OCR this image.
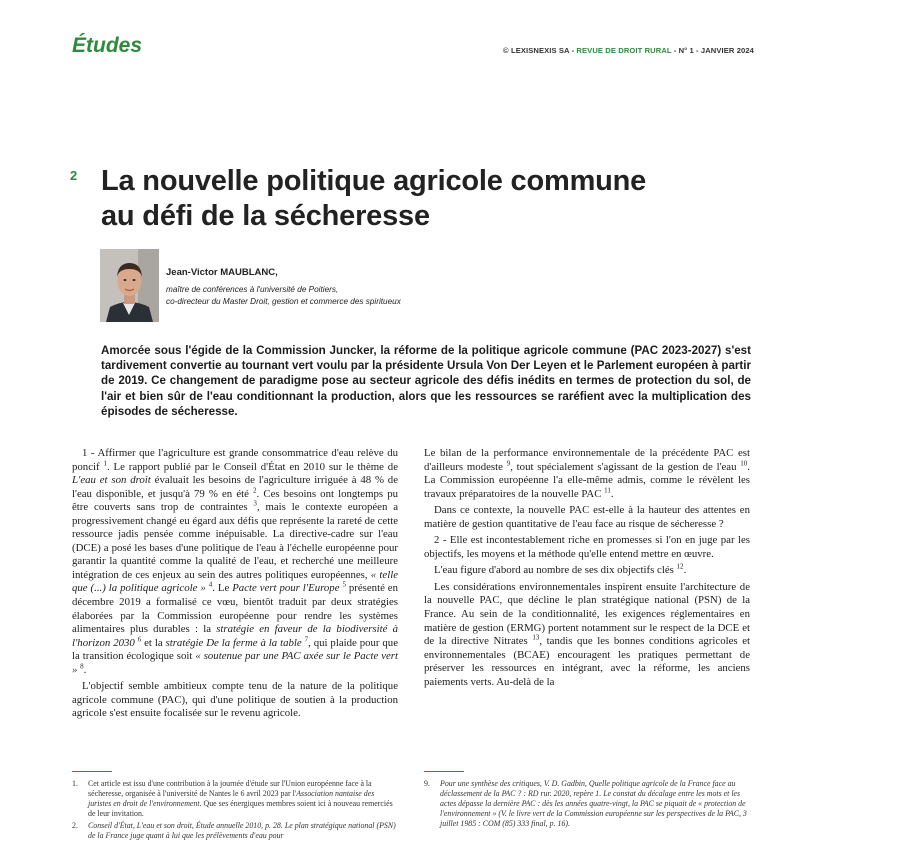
Études	© LEXISNEXIS SA - REVUE DE DROIT RURAL - N° 1 - JANVIER 2024
2 La nouvelle politique agricole commune
au défi de la sécheresse
Jean-Victor MAUBLANC,
maître de conférences à l'université de Poitiers,
co-directeur du Master Droit, gestion et commerce des spiritueux

Amorcée sous l'égide de la Commission Juncker, la réforme de la politique agricole commune (PAC 2023-2027) s'est tardivement convertie au tournant vert voulu par la présidente Ursula Von Der Leyen et le Parlement européen à partir de 2019. Ce changement de paradigme pose au secteur agricole des défis inédits en termes de protection du sol, de l'air et bien sûr de l'eau conditionnant la production, alors que les ressources se raréfient avec la multiplication des épisodes de sécheresse.

1 - Affirmer que l'agriculture est grande consommatrice d'eau relève du poncif $^1$. Le rapport publié par le Conseil d'État en 2010 sur le thème de L'eau et son droit évaluait les besoins de l'agriculture irriguée à 48 % de l'eau disponible, et jusqu'à 79 % en été $^2$. Ces besoins ont longtemps pu être couverts sans trop de contraintes $^3$, mais le contexte européen a progressivement changé eu égard aux défis que représente la rareté de cette ressource jadis pensée comme inépuisable. La directive-cadre sur l'eau (DCE) a posé les bases d'une politique de l'eau à l'échelle européenne pour garantir la quantité comme la qualité de l'eau, et recherché une meilleure intégration de ces enjeux au sein des autres politiques européennes, « telle que (...) la politique agricole » $^4$. Le Pacte vert pour l'Europe $^5$ présenté en décembre 2019 a formalisé ce vœu, bientôt traduit par deux stratégies élaborées par la Commission européenne pour rendre les systèmes alimentaires plus durables : la stratégie en faveur de la biodiversité à l'horizon 2030 $^6$ et la stratégie De la ferme à la table $^7$, qui plaide pour que la transition écologique soit « soutenue par une PAC axée sur le Pacte vert » $^8$.

L'objectif semble ambitieux compte tenu de la nature de la politique agricole commune (PAC), qui d'une politique de soutien à la production agricole s'est ensuite focalisée sur le revenu agricole.

Le bilan de la performance environnementale de la précédente PAC est d'ailleurs modeste $^9$, tout spécialement s'agissant de la gestion de l'eau $^{10}$. La Commission européenne l'a elle-même admis, comme le révèlent les travaux préparatoires de la nouvelle PAC $^{11}$.

Dans ce contexte, la nouvelle PAC est-elle à la hauteur des attentes en matière de gestion quantitative de l'eau face au risque de sécheresse ?

2 - Elle est incontestablement riche en promesses si l'on en juge par les objectifs, les moyens et la méthode qu'elle entend mettre en œuvre.

L'eau figure d'abord au nombre de ses dix objectifs clés $^{12}$.

Les considérations environnementales inspirent ensuite l'architecture de la nouvelle PAC, que décline le plan stratégique national (PSN) de la France. Au sein de la conditionnalité, les exigences réglementaires en matière de gestion (ERMG) portent notamment sur le respect de la DCE et de la directive Nitrates $^{13}$, tandis que les bonnes conditions agricoles et environnementales (BCAE) encouragent les pratiques permettant de préserver les ressources en intégrant, avec la réforme, les anciens paiements verts. Au-delà de la

1.	Cet article est issu d'une contribution à la journée d'étude sur l'Union européenne face à la sécheresse, organisée à l'université de Nantes le 6 avril 2023 par l'Association nantaise des juristes en droit de l'environnement. Que ses énergiques membres soient ici à nouveau remerciés de leur invitation.
2.	Conseil d'État, L'eau et son droit, Étude annuelle 2010, p. 28. Le plan stratégique national (PSN) de la France juge quant à lui que les prélèvements d'eau pour
9.	Pour une synthèse des critiques, V. D. Gadbin, Quelle politique agricole de la France face au déclassement de la PAC ? : RD rur. 2020, repère 1. Le constat du décalage entre les mots et les actes dépasse la dernière PAC : dès les années quatre-vingt, la PAC se piquait de « protection de l'environnement » (V. le livre vert de la Commission européenne sur les perspectives de la PAC, 3 juillet 1985 : COM (85) 333 final, p. 16).
